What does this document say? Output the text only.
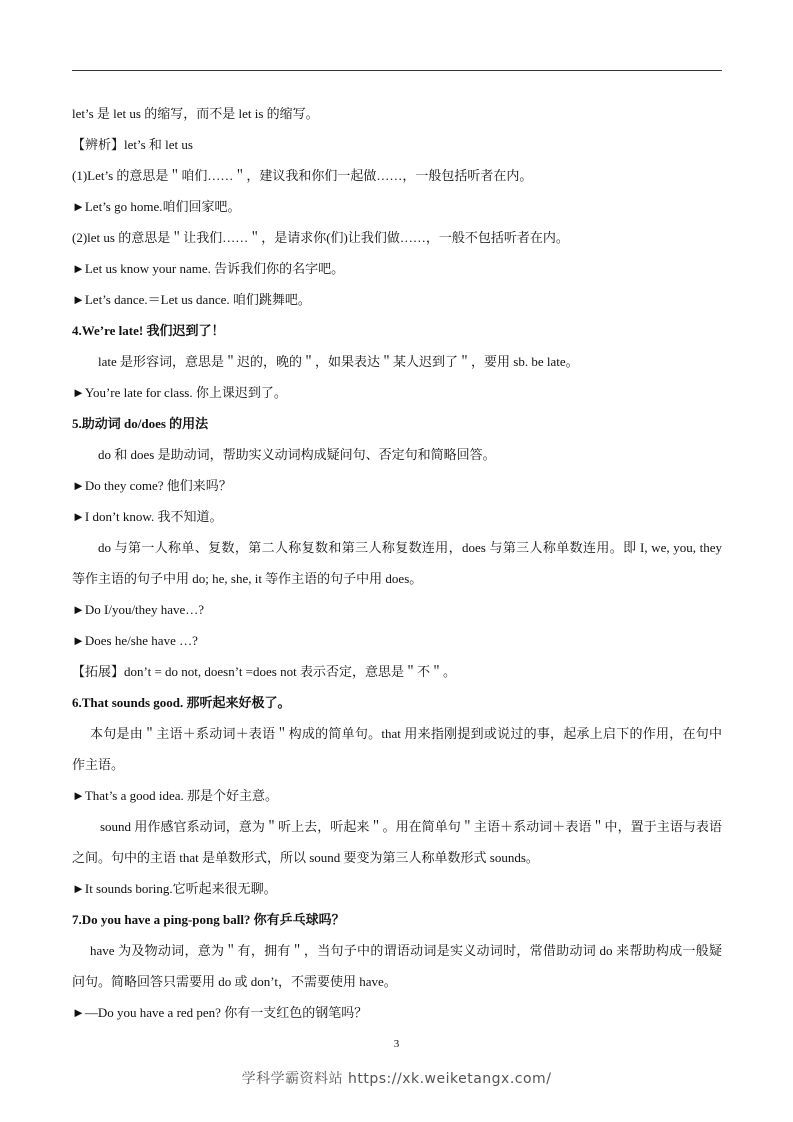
let’s 是 let us 的缩写，而不是 let is 的缩写。
【辨析】let’s 和 let us
(1)Let’s 的意思是＂咱们……＂，建议我和你们一起做……，一般包括听者在内。
►Let’s go home.咱们回家吧。
(2)let us 的意思是＂让我们……＂，是请求你(们)让我们做……，一般不包括听者在内。
►Let us know your name. 告诉我们你的名字吧。
►Let’s dance.＝Let us dance. 咱们跳舞吧。
4.We’re late! 我们迟到了！
late 是形容词，意思是＂迟的，晚的＂，如果表达＂某人迟到了＂，要用 sb. be late。
►You’re late for class. 你上课迟到了。
5.助动词 do/does 的用法
do 和 does 是助动词，帮助实义动词构成疑问句、否定句和简略回答。
►Do they come? 他们来吗？
►I don’t know. 我不知道。
do 与第一人称单、复数，第二人称复数和第三人称复数连用，does 与第三人称单数连用。即 I, we, you, they 等作主语的句子中用 do; he, she, it 等作主语的句子中用 does。
►Do I/you/they have…?
►Does he/she have …?
【拓展】don’t = do not, doesn’t =does not 表示否定，意思是＂不＂。
6.That sounds good. 那听起来好极了。
本句是由＂主语＋系动词＋表语＂构成的简单句。that 用来指刚提到或说过的事，起承上启下的作用，在句中作主语。
►That’s a good idea. 那是个好主意。
sound 用作感官系动词，意为＂听上去，听起来＂。用在简单句＂主语＋系动词＋表语＂中，置于主语与表语之间。句中的主语 that 是单数形式，所以 sound 要变为第三人称单数形式 sounds。
►It sounds boring.它听起来很无聊。
7.Do you have a ping-pong ball? 你有乒乓球吗？
have 为及物动词，意为＂有，拥有＂，当句子中的谓语动词是实义动词时，常借助动词 do 来帮助构成一般疑问句。简略回答只需要用 do 或 don’t，不需要使用 have。
►—Do you have a red pen? 你有一支红色的钢笔吗？
3
学科学霸资料站 https://xk.weiketangx.com/
